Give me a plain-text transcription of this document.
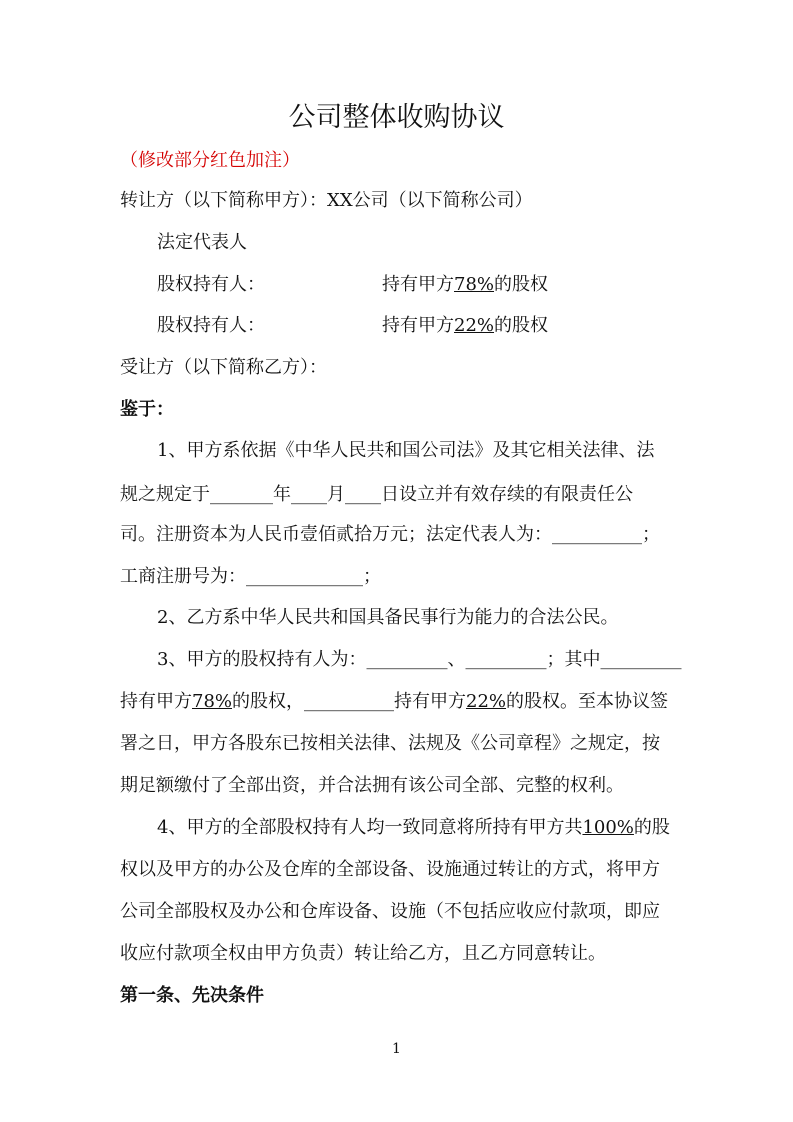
公司整体收购协议
（修改部分红色加注）
转让方（以下简称甲方）：XX公司（以下简称公司）
法定代表人
股权持有人：	持有甲方78%的股权
股权持有人：	持有甲方22%的股权
受让方（以下简称乙方）：
鉴于：
1、甲方系依据《中华人民共和国公司法》及其它相关法律、法
规之规定于_______年____月____日设立并有效存续的有限责任公
司。注册资本为人民币壹佰贰拾万元；法定代表人为：__________；
工商注册号为：_____________；
2、乙方系中华人民共和国具备民事行为能力的合法公民。
3、甲方的股权持有人为：_________、_________；其中_________
持有甲方78%的股权，__________持有甲方22%的股权。至本协议签
署之日，甲方各股东已按相关法律、法规及《公司章程》之规定，按
期足额缴付了全部出资，并合法拥有该公司全部、完整的权利。
4、甲方的全部股权持有人均一致同意将所持有甲方共100%的股
权以及甲方的办公及仓库的全部设备、设施通过转让的方式，将甲方
公司全部股权及办公和仓库设备、设施（不包括应收应付款项，即应
收应付款项全权由甲方负责）转让给乙方，且乙方同意转让。
第一条、先决条件
1
